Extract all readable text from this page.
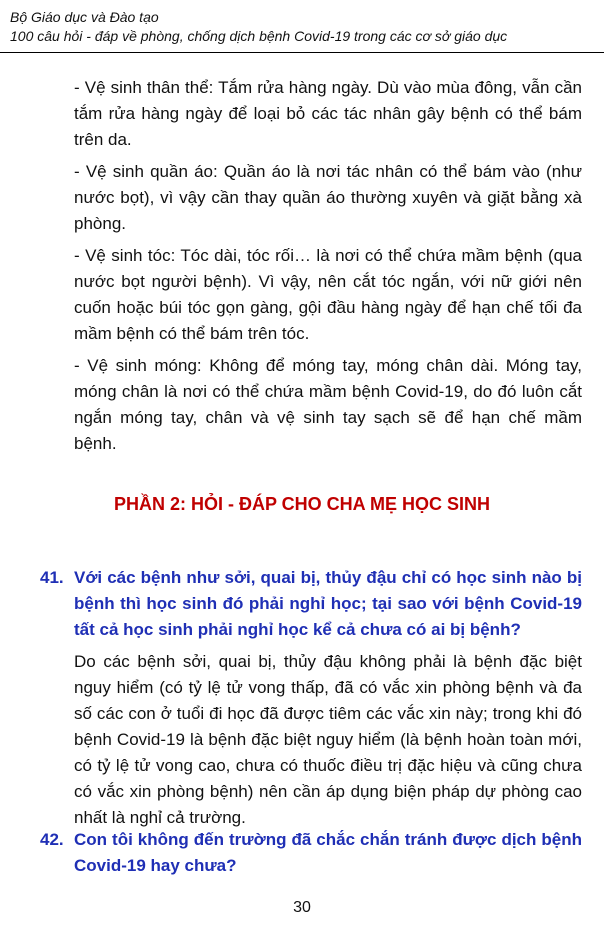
Bộ Giáo dục và Đào tạo
100 câu hỏi - đáp về phòng, chống dịch bệnh Covid-19 trong các cơ sở giáo dục

- Vệ sinh thân thể: Tắm rửa hàng ngày. Dù vào mùa đông, vẫn cần tắm rửa hàng ngày để loại bỏ các tác nhân gây bệnh có thể bám trên da.

- Vệ sinh quần áo: Quần áo là nơi tác nhân có thể bám vào (như nước bọt), vì vậy cần thay quần áo thường xuyên và giặt bằng xà phòng.

- Vệ sinh tóc: Tóc dài, tóc rối… là nơi có thể chứa mầm bệnh (qua nước bọt người bệnh). Vì vậy, nên cắt tóc ngắn, với nữ giới nên cuốn hoặc búi tóc gọn gàng, gội đầu hàng ngày để hạn chế tối đa mầm bệnh có thể bám trên tóc.

- Vệ sinh móng: Không để móng tay, móng chân dài. Móng tay, móng chân là nơi có thể chứa mầm bệnh Covid-19, do đó luôn cắt ngắn móng tay, chân và vệ sinh tay sạch sẽ để hạn chế mầm bệnh.

PHẦN 2: HỎI - ĐÁP CHO CHA MẸ HỌC SINH
41. Với các bệnh như sởi, quai bị, thủy đậu chỉ có học sinh nào bị bệnh thì học sinh đó phải nghỉ học; tại sao với bệnh Covid-19 tất cả học sinh phải nghỉ học kể cả chưa có ai bị bệnh?

Do các bệnh sởi, quai bị, thủy đậu không phải là bệnh đặc biệt nguy hiểm (có tỷ lệ tử vong thấp, đã có vắc xin phòng bệnh và đa số các con ở tuổi đi học đã được tiêm các vắc xin này; trong khi đó bệnh Covid-19 là bệnh đặc biệt nguy hiểm (là bệnh hoàn toàn mới, có tỷ lệ tử vong cao, chưa có thuốc điều trị đặc hiệu và cũng chưa có vắc xin phòng bệnh) nên cần áp dụng biện pháp dự phòng cao nhất là nghỉ cả trường.

42. Con tôi không đến trường đã chắc chắn tránh được dịch bệnh Covid-19 hay chưa?
30
